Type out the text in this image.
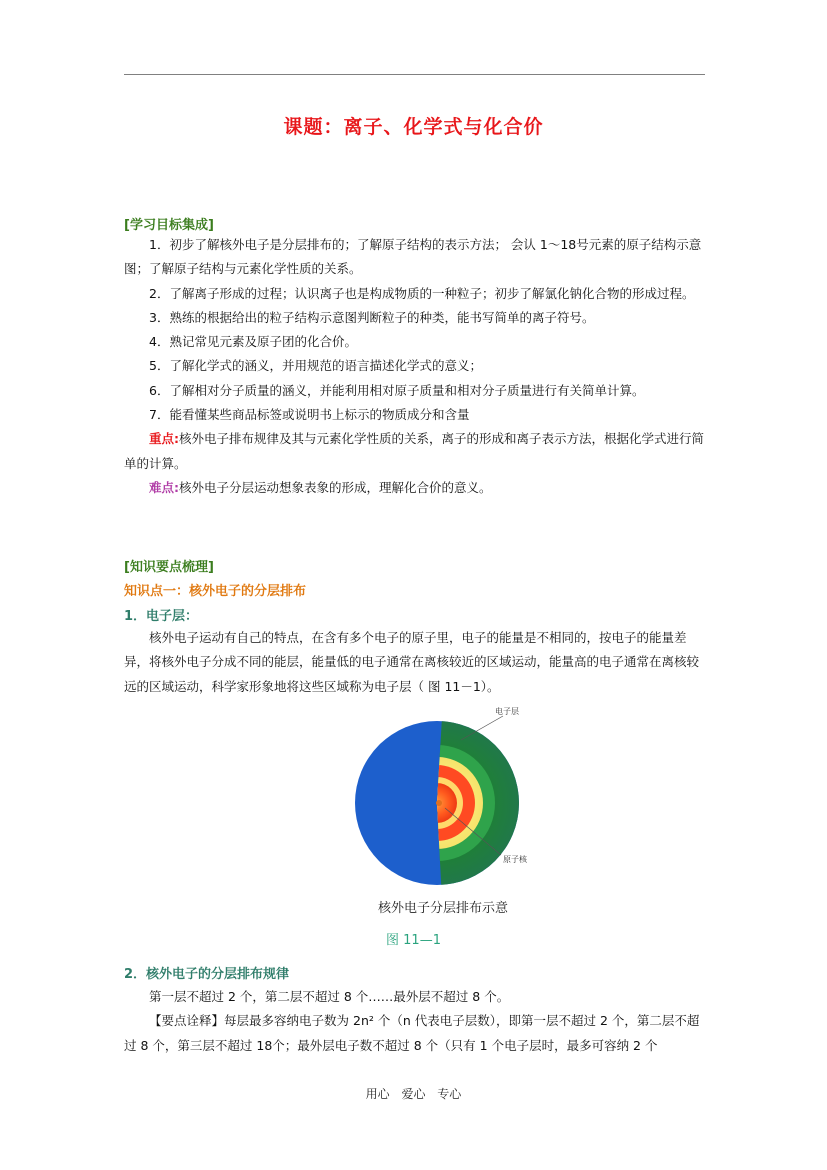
课题：离子、化学式与化合价
[学习目标集成]

1．初步了解核外电子是分层排布的；了解原子结构的表示方法； 会认 1～18号元素的原子结构示意图；了解原子结构与元素化学性质的关系。

2．了解离子形成的过程；认识离子也是构成物质的一种粒子；初步了解氯化钠化合物的形成过程。

3．熟练的根据给出的粒子结构示意图判断粒子的种类，能书写简单的离子符号。

4．熟记常见元素及原子团的化合价。

5．了解化学式的涵义，并用规范的语言描述化学式的意义；

6．了解相对分子质量的涵义，并能利用相对原子质量和相对分子质量进行有关简单计算。

7．能看懂某些商品标签或说明书上标示的物质成分和含量

重点:核外电子排布规律及其与元素化学性质的关系，离子的形成和离子表示方法，根据化学式进行简单的计算。

难点:核外电子分层运动想象表象的形成，理解化合价的意义。

[知识要点梳理]
知识点一：核外电子的分层排布
1．电子层：

核外电子运动有自己的特点，在含有多个电子的原子里，电子的能量是不相同的，按电子的能量差异，将核外电子分成不同的能层，能量低的电子通常在离核较近的区域运动，能量高的电子通常在离核较远的区域运动，科学家形象地将这些区域称为电子层（ 图 11－1）。

电子层
原子核
核外电子分层排布示意
图 11—1
2．核外电子的分层排布规律

第一层不超过 2 个，第二层不超过 8 个……最外层不超过 8 个。

【要点诠释】每层最多容纳电子数为 2n² 个（n 代表电子层数），即第一层不超过 2 个，第二层不超过 8 个，第三层不超过 18个；最外层电子数不超过 8 个（只有 1 个电子层时，最多可容纳 2 个

用心 爱心 专心
